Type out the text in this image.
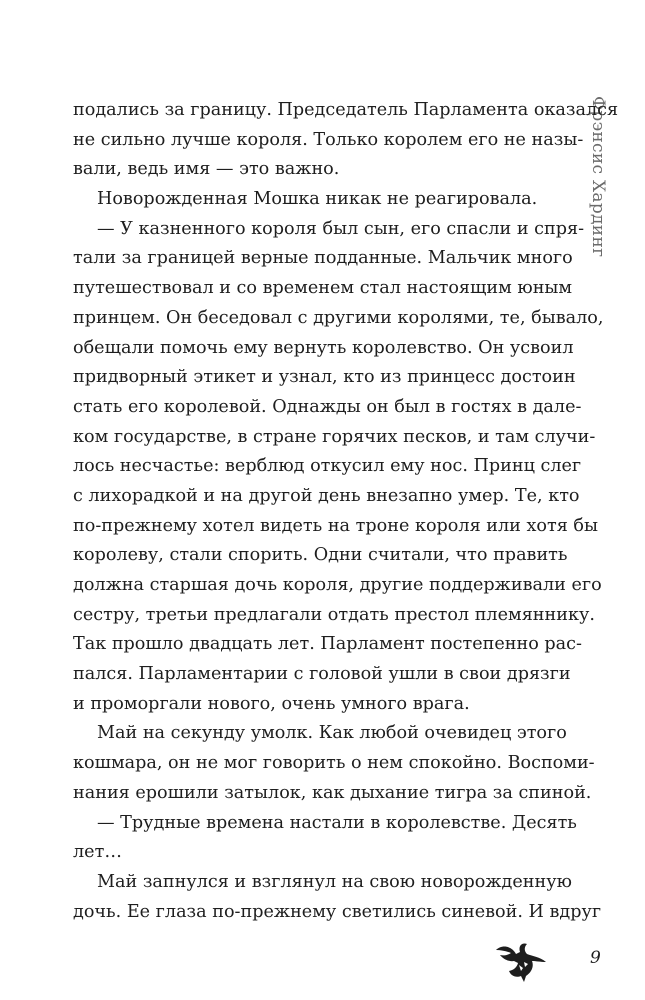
Фрэнсис Хардинг
подались за границу. Председатель Парламента оказался
не сильно лучше короля. Только королем его не назы-
вали, ведь имя — это важно.
Новорожденная Мошка никак не реагировала.
— У казненного короля был сын, его спасли и спря-
тали за границей верные подданные. Мальчик много
путешествовал и со временем стал настоящим юным
принцем. Он беседовал с другими королями, те, бывало,
обещали помочь ему вернуть королевство. Он усвоил
придворный этикет и узнал, кто из принцесс достоин
стать его королевой. Однажды он был в гостях в дале-
ком государстве, в стране горячих песков, и там случи-
лось несчастье: верблюд откусил ему нос. Принц слег
с лихорадкой и на другой день внезапно умер. Те, кто
по-прежнему хотел видеть на троне короля или хотя бы
королеву, стали спорить. Одни считали, что править
должна старшая дочь короля, другие поддерживали его
сестру, третьи предлагали отдать престол племяннику.
Так прошло двадцать лет. Парламент постепенно рас-
пался. Парламентарии с головой ушли в свои дрязги
и проморгали нового, очень умного врага.
Май на секунду умолк. Как любой очевидец этого
кошмара, он не мог говорить о нем спокойно. Воспоми-
нания ерошили затылок, как дыхание тигра за спиной.
— Трудные времена настали в королевстве. Десять
лет…
Май запнулся и взглянул на свою новорожденную
дочь. Ее глаза по-прежнему светились синевой. И вдруг
9
